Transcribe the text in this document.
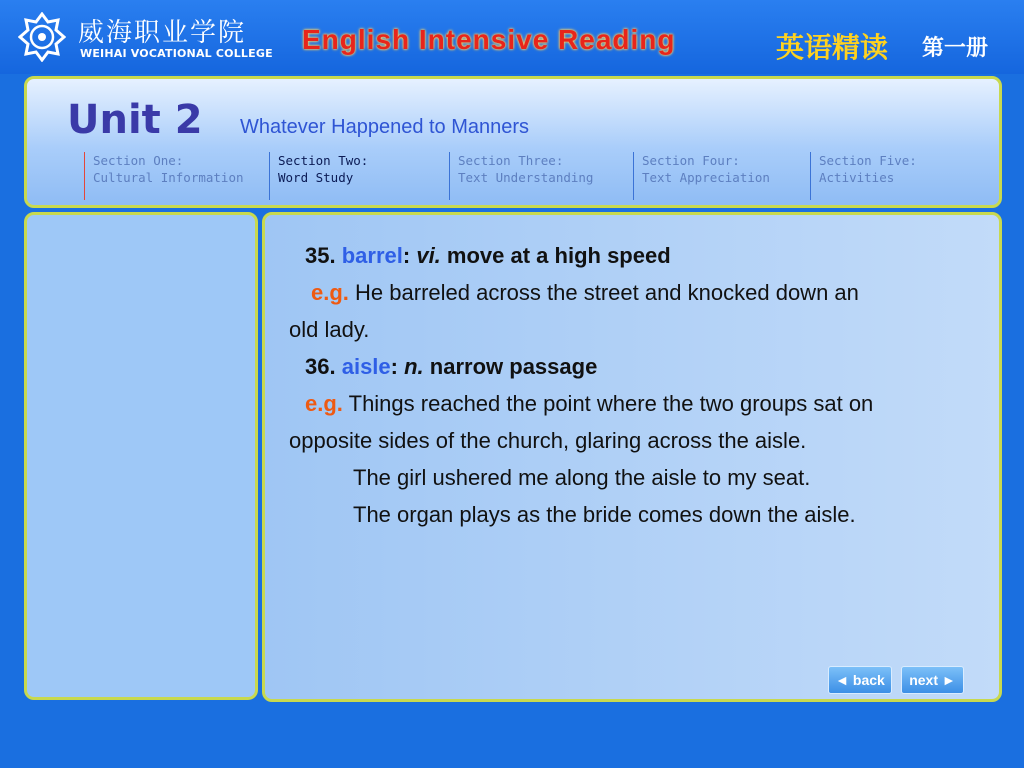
威海职业学院
WEIHAI VOCATIONAL COLLEGE English Intensive Reading	英语精读 第一册
Unit 2 Whatever Happened to Manners
Section One:
Cultural Information
Section Two:
Word Study
Section Three:
Text Understanding
Section Four:
Text Appreciation
Section Five:
Activities
35. barrel: vi. move at a high speed
e.g. He barreled across the street and knocked down an
old lady.
36. aisle: n. narrow passage
e.g. Things reached the point where the two groups sat on
opposite sides of the church, glaring across the aisle.
The girl ushered me along the aisle to my seat.
The organ plays as the bride comes down the aisle.
◄ back	next ►
